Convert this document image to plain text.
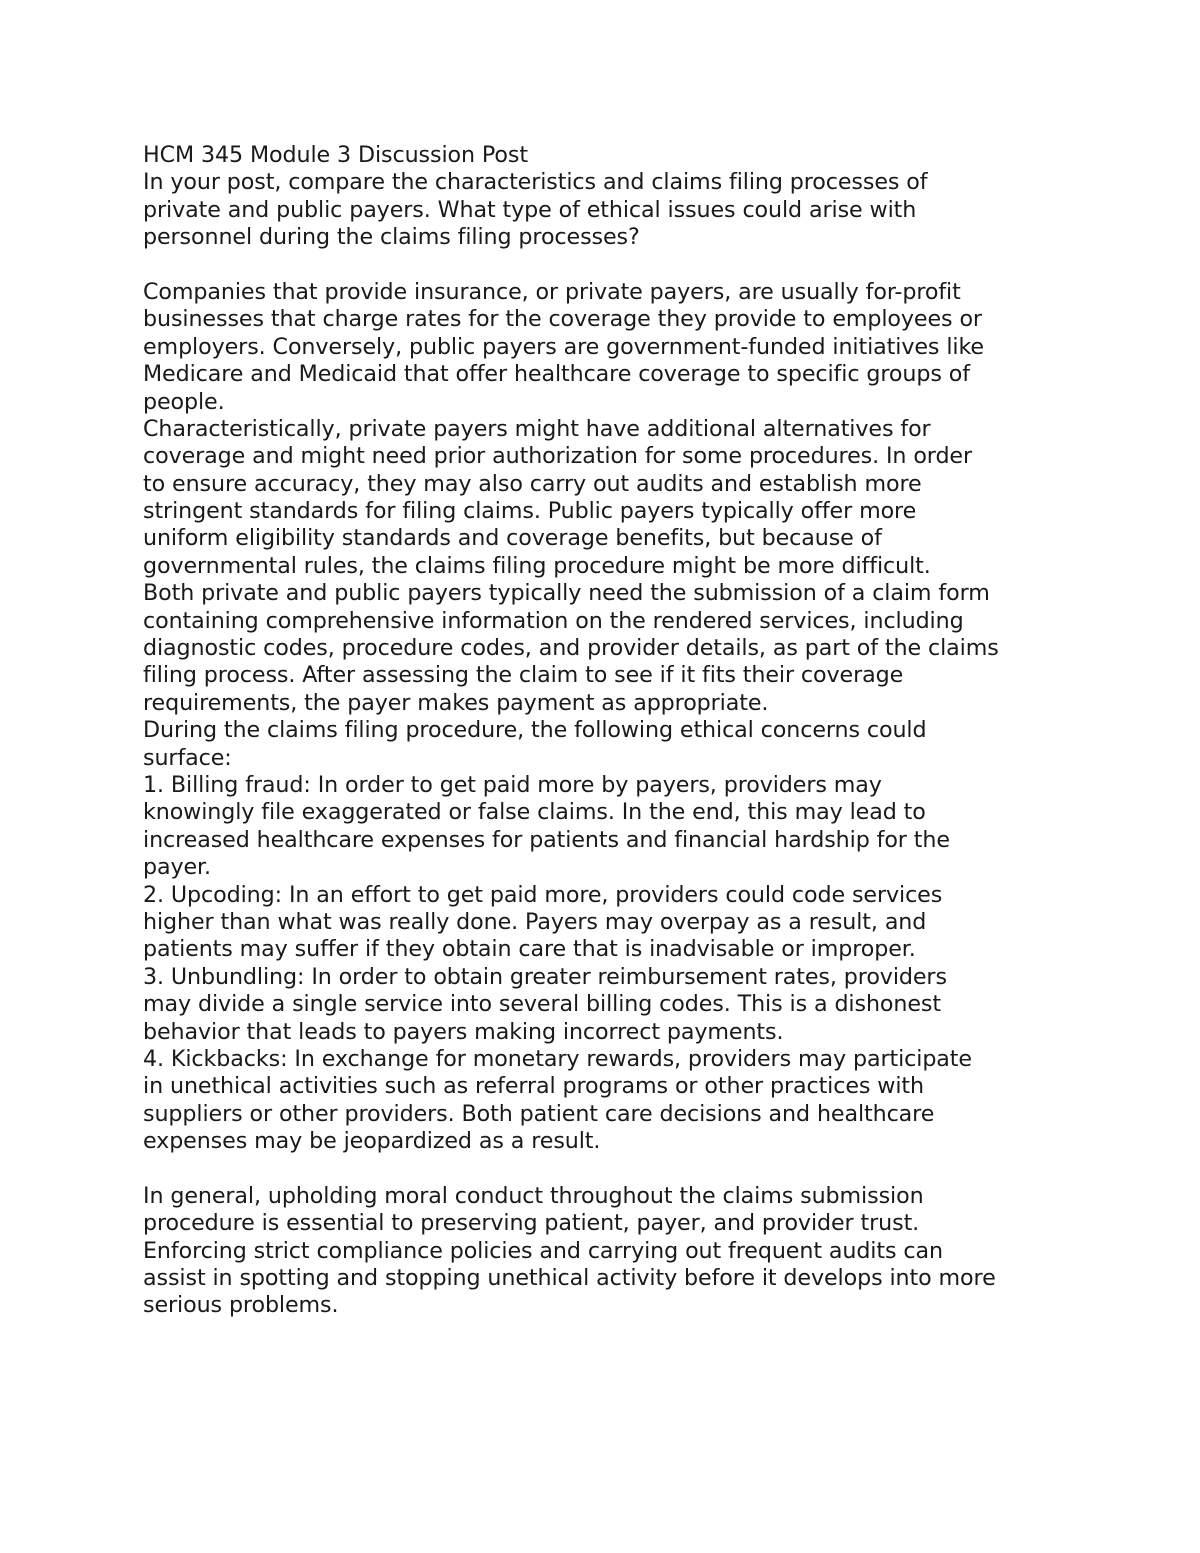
HCM 345 Module 3 Discussion Post
In your post, compare the characteristics and claims filing processes of
private and public payers. What type of ethical issues could arise with
personnel during the claims filing processes?
Companies that provide insurance, or private payers, are usually for-profit
businesses that charge rates for the coverage they provide to employees or
employers. Conversely, public payers are government-funded initiatives like
Medicare and Medicaid that offer healthcare coverage to specific groups of
people.
Characteristically, private payers might have additional alternatives for
coverage and might need prior authorization for some procedures. In order
to ensure accuracy, they may also carry out audits and establish more
stringent standards for filing claims. Public payers typically offer more
uniform eligibility standards and coverage benefits, but because of
governmental rules, the claims filing procedure might be more difficult.
Both private and public payers typically need the submission of a claim form
containing comprehensive information on the rendered services, including
diagnostic codes, procedure codes, and provider details, as part of the claims
filing process. After assessing the claim to see if it fits their coverage
requirements, the payer makes payment as appropriate.
During the claims filing procedure, the following ethical concerns could
surface:
1. Billing fraud: In order to get paid more by payers, providers may
knowingly file exaggerated or false claims. In the end, this may lead to
increased healthcare expenses for patients and financial hardship for the
payer.
2. Upcoding: In an effort to get paid more, providers could code services
higher than what was really done. Payers may overpay as a result, and
patients may suffer if they obtain care that is inadvisable or improper.
3. Unbundling: In order to obtain greater reimbursement rates, providers
may divide a single service into several billing codes. This is a dishonest
behavior that leads to payers making incorrect payments.
4. Kickbacks: In exchange for monetary rewards, providers may participate
in unethical activities such as referral programs or other practices with
suppliers or other providers. Both patient care decisions and healthcare
expenses may be jeopardized as a result.
In general, upholding moral conduct throughout the claims submission
procedure is essential to preserving patient, payer, and provider trust.
Enforcing strict compliance policies and carrying out frequent audits can
assist in spotting and stopping unethical activity before it develops into more
serious problems.
